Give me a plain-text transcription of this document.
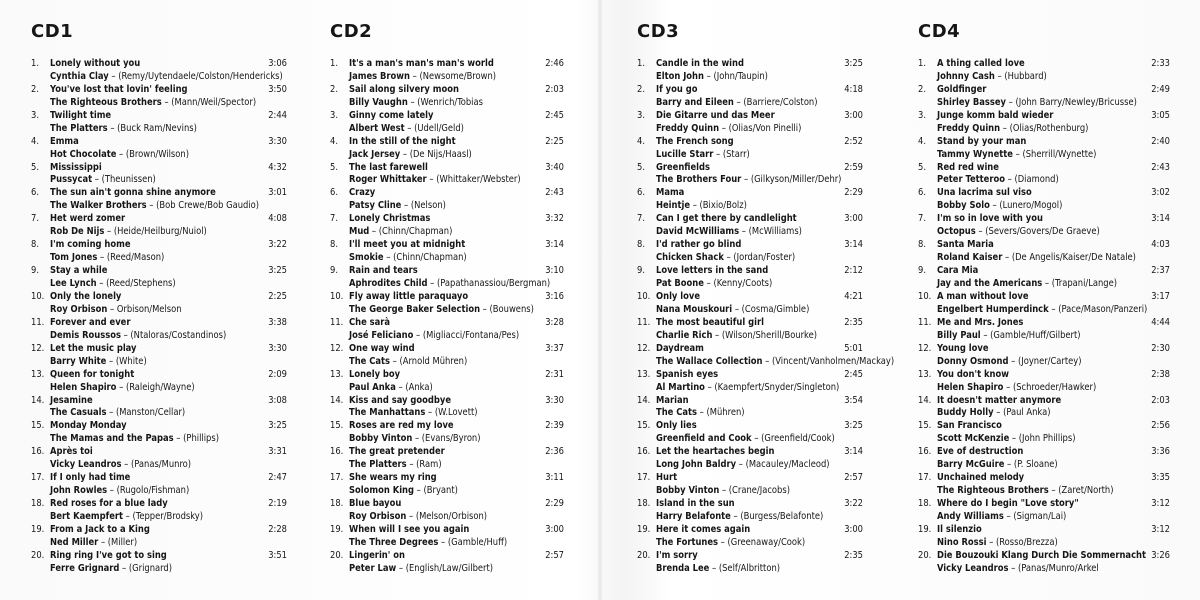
CD1
1.	Lonely without you	3:06
Cynthia Clay – (Remy/Uytendaele/Colston/Hendericks)
2.	You've lost that lovin' feeling	3:50
The Righteous Brothers – (Mann/Weil/Spector)
3.	Twilight time	2:44
The Platters – (Buck Ram/Nevins)
4.	Emma	3:30
Hot Chocolate – (Brown/Wilson)
5.	Mississippi	4:32
Pussycat – (Theunissen)
6.	The sun ain't gonna shine anymore	3:01
The Walker Brothers – (Bob Crewe/Bob Gaudio)
7.	Het werd zomer	4:08
Rob De Nijs – (Heide/Heilburg/Nuiol)
8.	I'm coming home	3:22
Tom Jones – (Reed/Mason)
9.	Stay a while	3:25
Lee Lynch – (Reed/Stephens)
10. Only the lonely	2:25
Roy Orbison – Orbison/Melson
11. Forever and ever	3:38
Demis Roussos – (Ntaloras/Costandinos)
12. Let the music play	3:30
Barry White – (White)
13. Queen for tonight	2:09
Helen Shapiro – (Raleigh/Wayne)
14. Jesamine	3:08
The Casuals – (Manston/Cellar)
15. Monday Monday	3:25
The Mamas and the Papas – (Phillips)
16. Après toi	3:31
Vicky Leandros – (Panas/Munro)
17. If I only had time	2:47
John Rowles – (Rugolo/Fishman)
18. Red roses for a blue lady	2:19
Bert Kaempfert – (Tepper/Brodsky)
19. From a Jack to a King	2:28
Ned Miller – (Miller)
20. Ring ring I've got to sing	3:51
Ferre Grignard – (Grignard)
CD2
1.	It's a man's man's man's world	2:46
James Brown – (Newsome/Brown)
2.	Sail along silvery moon	2:03
Billy Vaughn – (Wenrich/Tobias
3.	Ginny come lately	2:45
Albert West – (Udell/Geld)
4.	In the still of the night	2:25
Jack Jersey – (De Nijs/Haasl)
5.	The last farewell	3:40
Roger Whittaker – (Whittaker/Webster)
6.	Crazy	2:43
Patsy Cline – (Nelson)
7.	Lonely Christmas	3:32
Mud – (Chinn/Chapman)
8.	I'll meet you at midnight	3:14
Smokie – (Chinn/Chapman)
9.	Rain and tears	3:10
Aphrodites Child – (Papathanassiou/Bergman)
10. Fly away little paraquayo	3:16
The George Baker Selection – (Bouwens)
11. Che sarà	3:28
José Feliciano – (Migliacci/Fontana/Pes)
12. One way wind	3:37
The Cats – (Arnold Mühren)
13. Lonely boy	2:31
Paul Anka – (Anka)
14. Kiss and say goodbye	3:30
The Manhattans – (W.Lovett)
15. Roses are red my love	2:39
Bobby Vinton – (Evans/Byron)
16. The great pretender	2:36
The Platters – (Ram)
17. She wears my ring	3:11
Solomon King – (Bryant)
18. Blue bayou	2:29
Roy Orbison – (Melson/Orbison)
19. When will I see you again	3:00
The Three Degrees – (Gamble/Huff)
20. Lingerin' on	2:57
Peter Law – (English/Law/Gilbert)
CD3
1.	Candle in the wind	3:25
Elton John – (John/Taupin)
2.	If you go	4:18
Barry and Eileen – (Barriere/Colston)
3.	Die Gitarre und das Meer	3:00
Freddy Quinn – (Olias/Von Pinelli)
4.	The French song	2:52
Lucille Starr – (Starr)
5.	Greenfields	2:59
The Brothers Four – (Gilkyson/Miller/Dehr)
6.	Mama	2:29
Heintje – (Bixio/Bolz)
7.	Can I get there by candlelight	3:00
David McWilliams – (McWilliams)
8.	I'd rather go blind	3:14
Chicken Shack – (Jordan/Foster)
9.	Love letters in the sand	2:12
Pat Boone – (Kenny/Coots)
10. Only love	4:21
Nana Mouskouri – (Cosma/Gimble)
11. The most beautiful girl	2:35
Charlie Rich – (Wilson/Sherill/Bourke)
12. Daydream	5:01
The Wallace Collection – (Vincent/Vanholmen/Mackay)
13. Spanish eyes	2:45
Al Martino – (Kaempfert/Snyder/Singleton)
14. Marian	3:54
The Cats – (Mühren)
15. Only lies	3:25
Greenfield and Cook – (Greenfield/Cook)
16. Let the heartaches begin	3:14
Long John Baldry – (Macauley/Macleod)
17. Hurt	2:57
Bobby Vinton – (Crane/Jacobs)
18. Island in the sun	3:22
Harry Belafonte – (Burgess/Belafonte)
19. Here it comes again	3:00
The Fortunes – (Greenaway/Cook)
20. I'm sorry	2:35
Brenda Lee – (Self/Albritton)
CD4
1.	A thing called love	2:33
Johnny Cash – (Hubbard)
2.	Goldfinger	2:49
Shirley Bassey – (John Barry/Newley/Bricusse)
3.	Junge komm bald wieder	3:05
Freddy Quinn – (Olias/Rothenburg)
4.	Stand by your man	2:40
Tammy Wynette – (Sherrill/Wynette)
5.	Red red wine	2:43
Peter Tetteroo – (Diamond)
6.	Una lacrima sul viso	3:02
Bobby Solo – (Lunero/Mogol)
7.	I'm so in love with you	3:14
Octopus – (Severs/Govers/De Graeve)
8.	Santa Maria	4:03
Roland Kaiser – (De Angelis/Kaiser/De Natale)
9.	Cara Mia	2:37
Jay and the Americans – (Trapani/Lange)
10. A man without love	3:17
Engelbert Humperdinck – (Pace/Mason/Panzeri)
11. Me and Mrs. Jones	4:44
Billy Paul – (Gamble/Huff/Gilbert)
12. Young love	2:30
Donny Osmond – (Joyner/Cartey)
13. You don't know	2:38
Helen Shapiro – (Schroeder/Hawker)
14. It doesn't matter anymore	2:03
Buddy Holly – (Paul Anka)
15. San Francisco	2:56
Scott McKenzie – (John Phillips)
16. Eve of destruction	3:36
Barry McGuire – (P. Sloane)
17. Unchained melody	3:35
The Righteous Brothers – (Zaret/North)
18. Where do I begin "Love story"	3:12
Andy Williams – (Sigman/Lai)
19. Il silenzio	3:12
Nino Rossi – (Rosso/Brezza)
20. Die Bouzouki Klang Durch Die Sommernacht 3:26
Vicky Leandros – (Panas/Munro/Arkel
